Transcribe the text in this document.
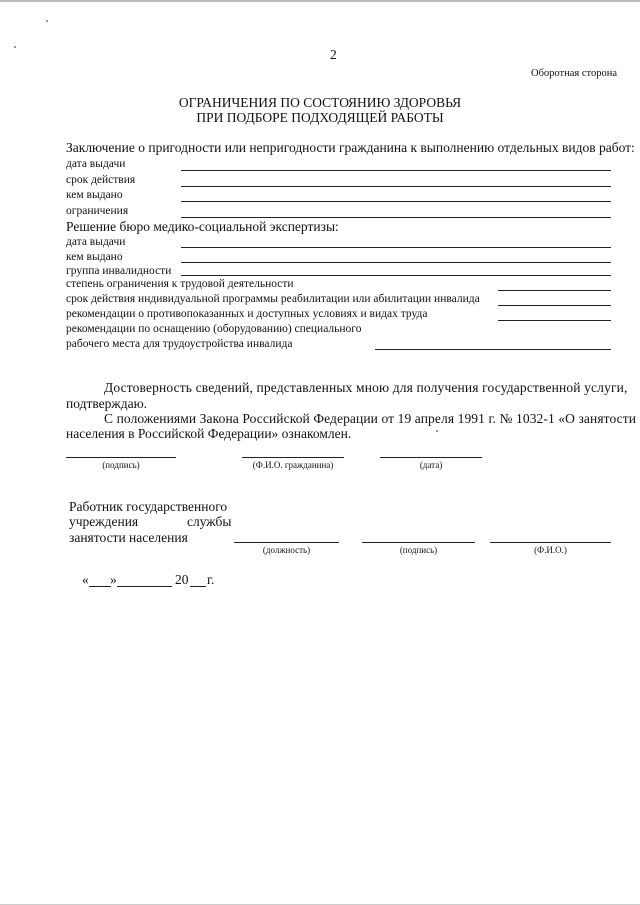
2
Оборотная сторона
ОГРАНИЧЕНИЯ ПО СОСТОЯНИЮ ЗДОРОВЬЯ
ПРИ ПОДБОРЕ ПОДХОДЯЩЕЙ РАБОТЫ
Заключение о пригодности или непригодности гражданина к выполнению отдельных видов работ:
дата выдачи
срок действия
кем выдано
ограничения
Решение бюро медико-социальной экспертизы:
дата выдачи
кем выдано
группа инвалидности
степень ограничения к трудовой деятельности
срок действия индивидуальной программы реабилитации или абилитации инвалида
рекомендации о противопоказанных и доступных условиях и видах труда
рекомендации по оснащению (оборудованию) специального
рабочего места для трудоустройства инвалида
Достоверность сведений, представленных мною для получения государственной услуги,
подтверждаю.
С положениями Закона Российской Федерации от 19 апреля 1991 г. № 1032-1 «О занятости
населения в Российской Федерации» ознакомлен.
(подпись)	(Ф.И.О. гражданина)	(дата)
Работник государственного
учреждения	службы
занятости населения
(должность)	(подпись)	(Ф.И.О.)
« »	20 г.
